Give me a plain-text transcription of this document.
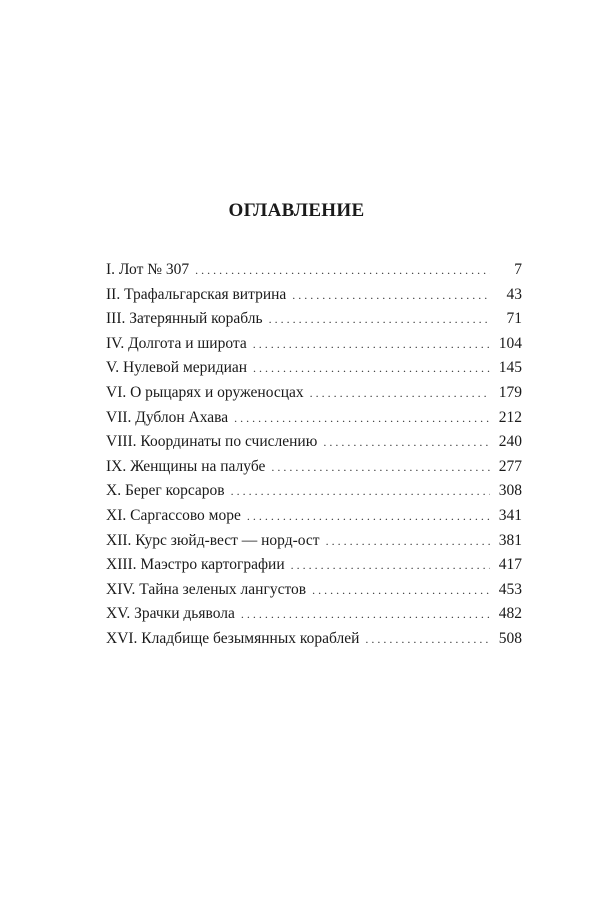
ОГЛАВЛЕНИЕ
I. Лот № 307 . . .	7
II. Трафальгарская витрина . . .	43
III. Затерянный корабль . . .	71
IV. Долгота и широта . . .	104
V. Нулевой меридиан . . .	145
VI. О рыцарях и оруженосцах . . .	179
VII. Дублон Ахава . . .	212
VIII. Координаты по счислению . . .	240
IX. Женщины на палубе . . .	277
X. Берег корсаров . . .	308
XI. Саргассово море . . .	341
XII. Курс зюйд-вест — норд-ост . . .	381
XIII. Маэстро картографии . . .	417
XIV. Тайна зеленых лангустов . . .	453
XV. Зрачки дьявола . . .	482
XVI. Кладбище безымянных кораблей . . .	508
